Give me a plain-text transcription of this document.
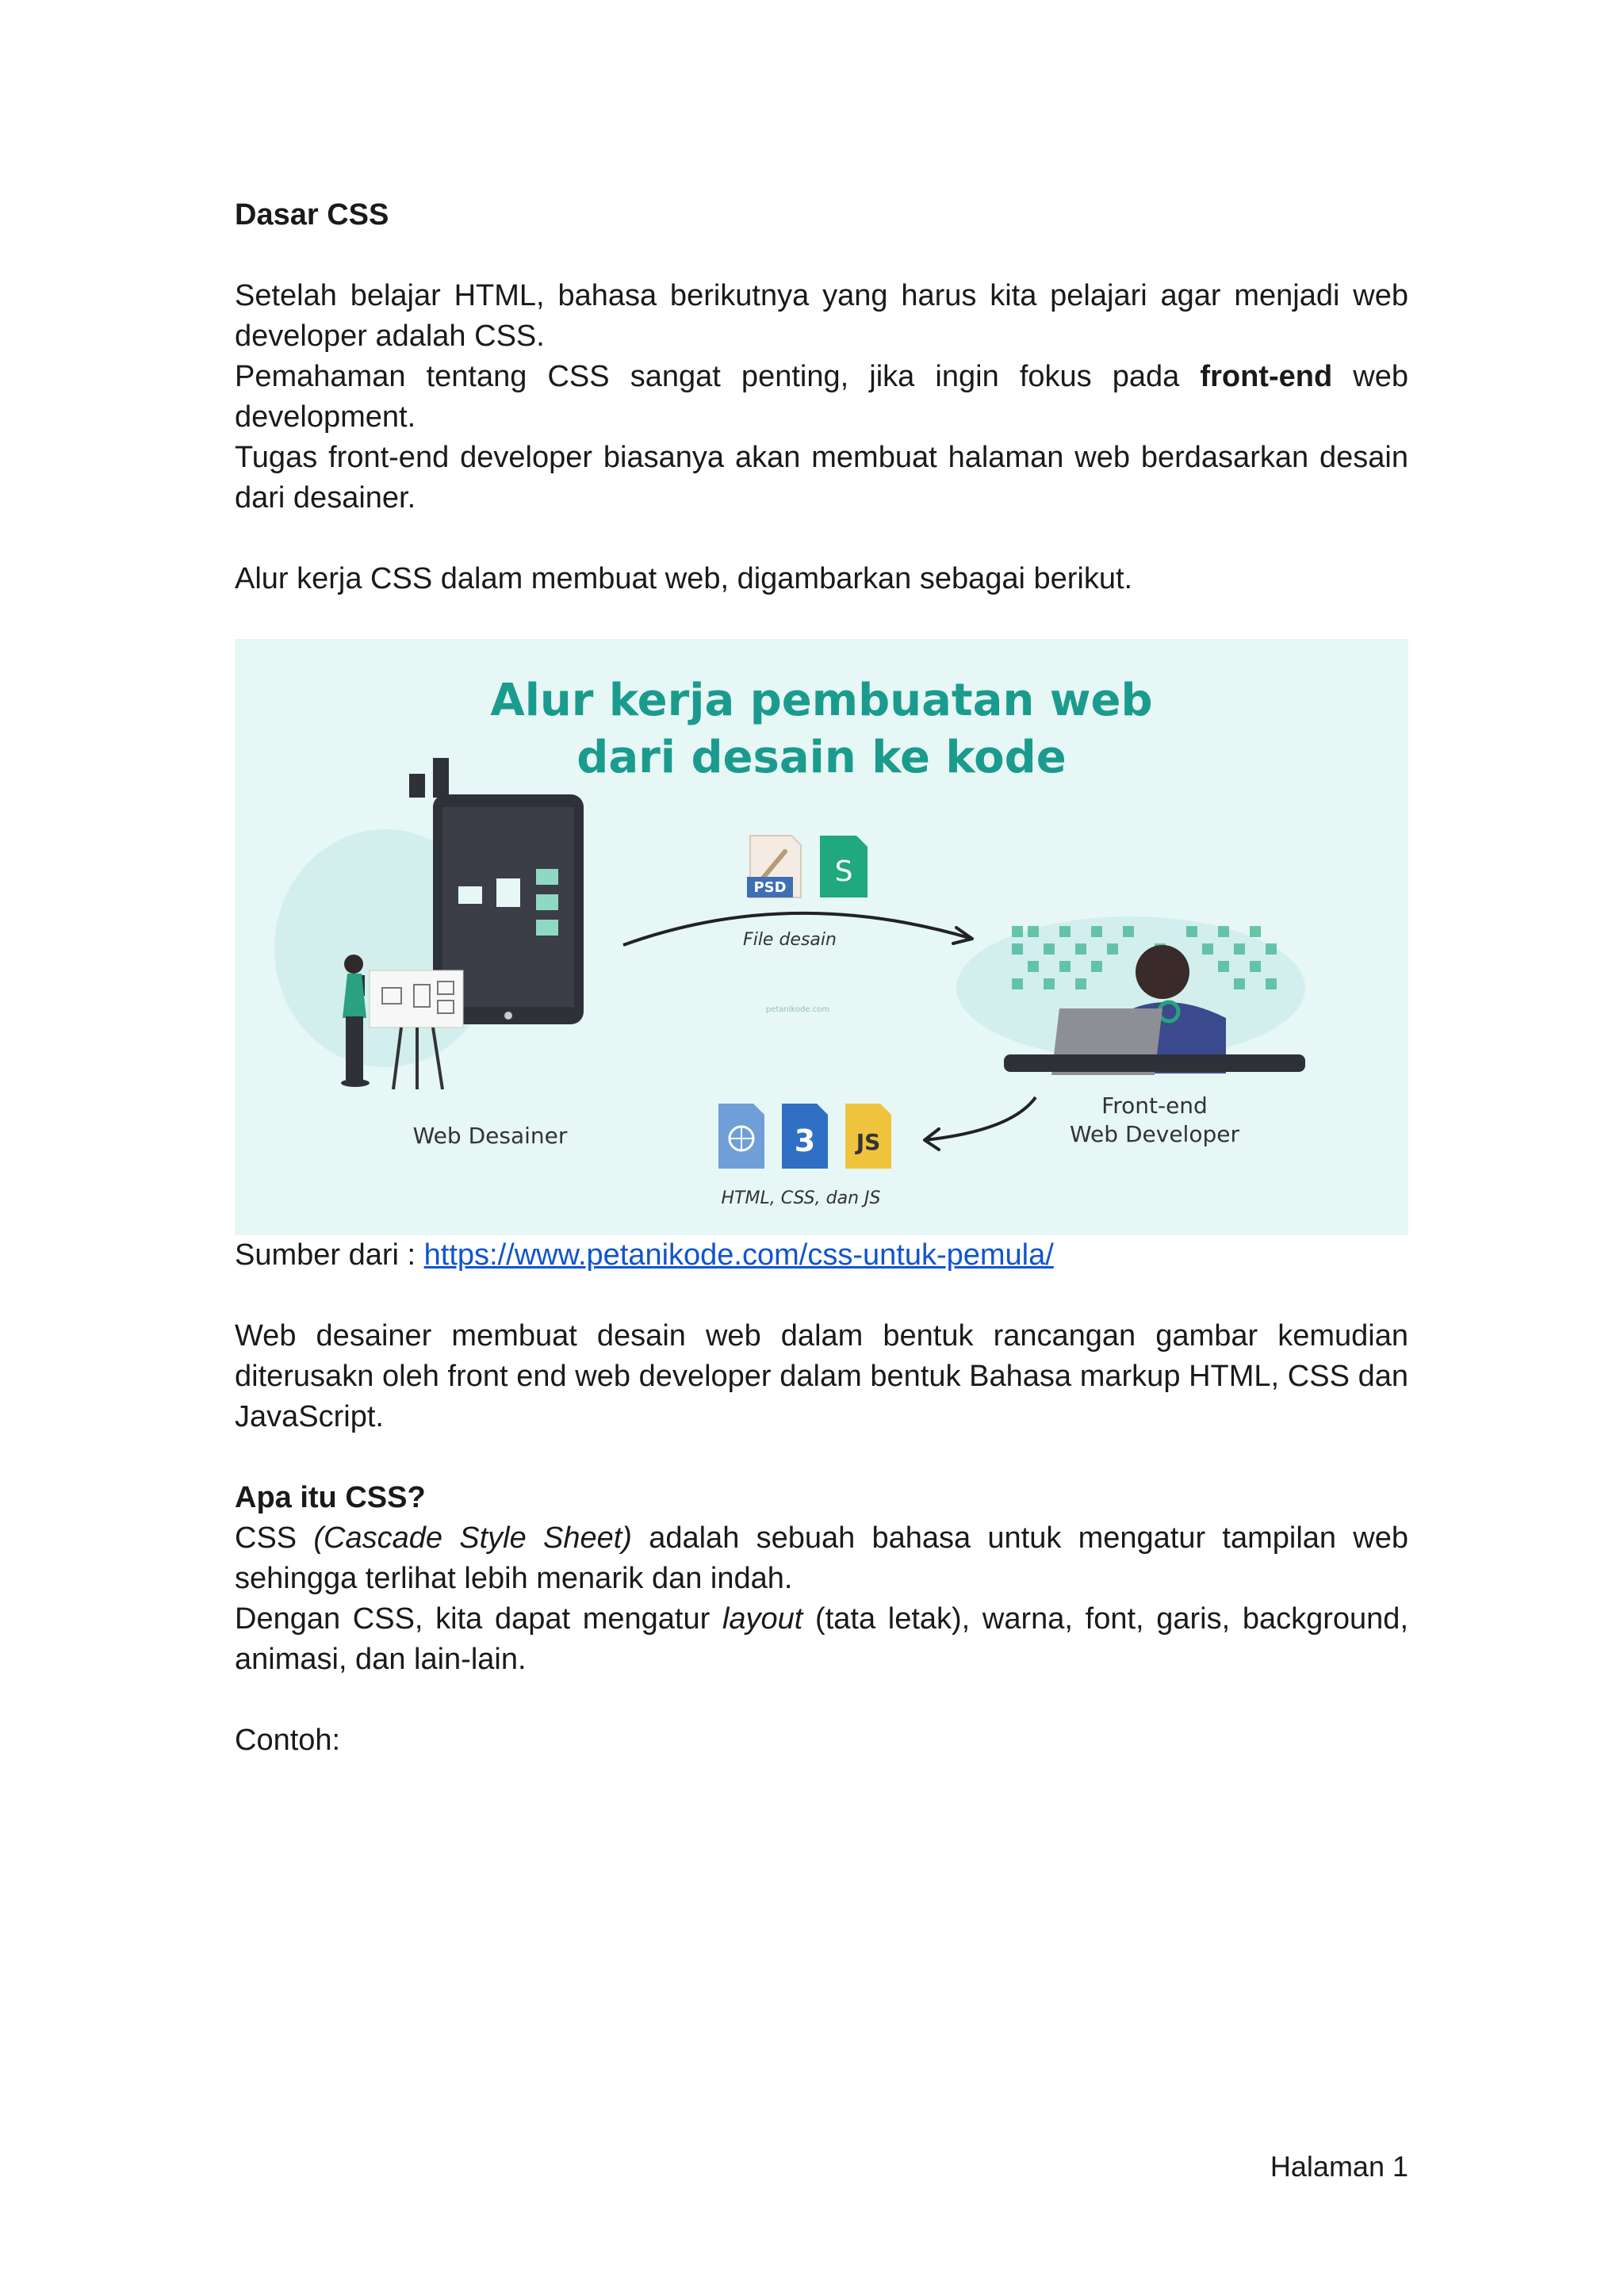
Dasar CSS

Setelah belajar HTML, bahasa berikutnya yang harus kita pelajari agar menjadi web developer adalah CSS.

Pemahaman tentang CSS sangat penting, jika ingin fokus pada front-end web development.

Tugas front-end developer biasanya akan membuat halaman web berdasarkan desain dari desainer.

Alur kerja CSS dalam membuat web, digambarkan sebagai berikut.

Alur kerja pembuatan web
dari desain ke kode
PSD S
File desain
petanikode.com
Web Desainer
Front-end
Web Developer
3 JS
HTML, CSS, dan JS

Sumber dari : https://www.petanikode.com/css-untuk-pemula/

Web desainer membuat desain web dalam bentuk rancangan gambar kemudian diterusakn oleh front end web developer dalam bentuk Bahasa markup HTML, CSS dan JavaScript.

Apa itu CSS?

CSS (Cascade Style Sheet) adalah sebuah bahasa untuk mengatur tampilan web sehingga terlihat lebih menarik dan indah.

Dengan CSS, kita dapat mengatur layout (tata letak), warna, font, garis, background, animasi, dan lain-lain.

Contoh:

Halaman 1
